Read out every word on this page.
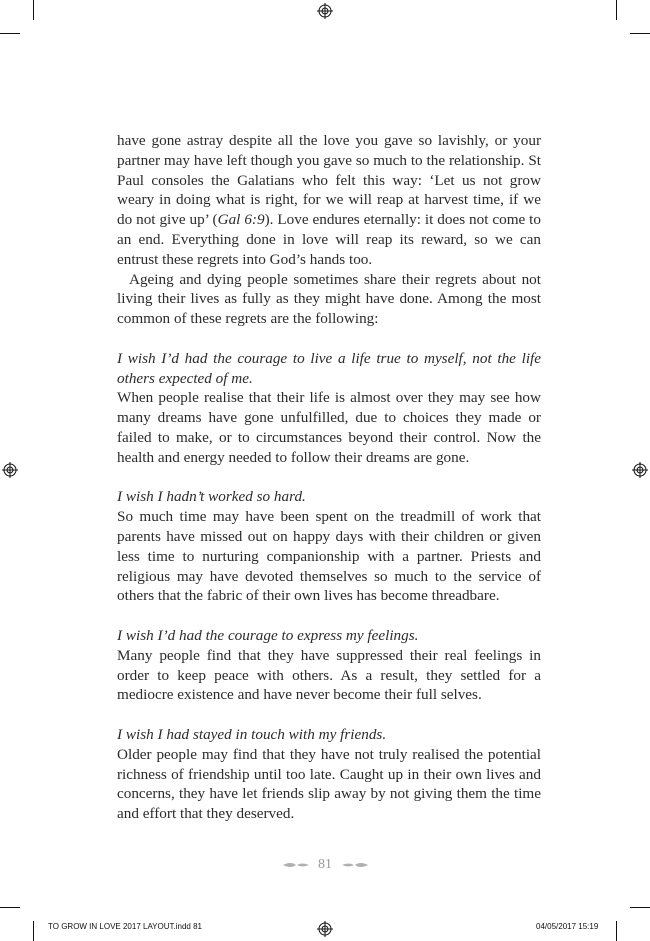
have gone astray despite all the love you gave so lavishly, or your partner may have left though you gave so much to the relationship. St Paul consoles the Galatians who felt this way: ‘Let us not grow weary in doing what is right, for we will reap at harvest time, if we do not give up’ (Gal 6:9). Love endures eternally: it does not come to an end. Everything done in love will reap its reward, so we can entrust these regrets into God’s hands too.

Ageing and dying people sometimes share their regrets about not living their lives as fully as they might have done. Among the most common of these regrets are the following:

I wish I’d had the courage to live a life true to myself, not the life others expected of me.

When people realise that their life is almost over they may see how many dreams have gone unfulfilled, due to choices they made or failed to make, or to circumstances beyond their control. Now the health and energy needed to follow their dreams are gone.

I wish I hadn’t worked so hard.

So much time may have been spent on the treadmill of work that parents have missed out on happy days with their children or given less time to nurturing companionship with a partner. Priests and religious may have devoted themselves so much to the service of others that the fabric of their own lives has become threadbare.

I wish I’d had the courage to express my feelings.

Many people find that they have suppressed their real feelings in order to keep peace with others. As a result, they settled for a mediocre existence and have never become their full selves.

I wish I had stayed in touch with my friends.

Older people may find that they have not truly realised the potential richness of friendship until too late. Caught up in their own lives and concerns, they have let friends slip away by not giving them the time and effort that they deserved.

81
TO GROW IN LOVE 2017 LAYOUT.indd 81	04/05/2017 15:19
